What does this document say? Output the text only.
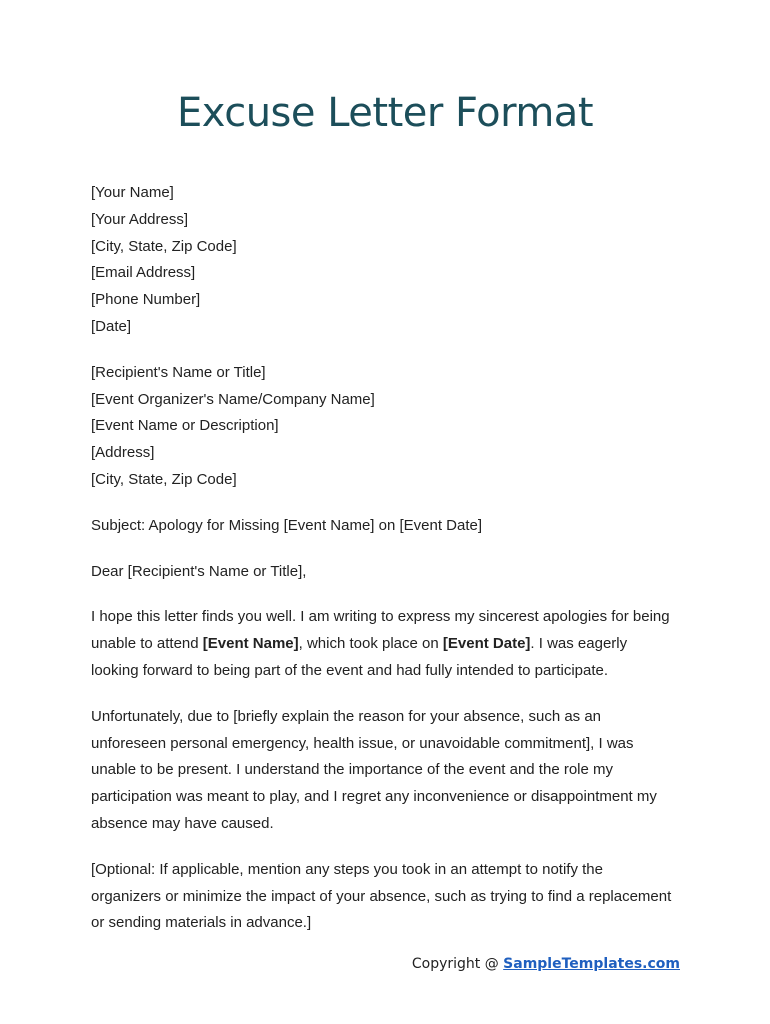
Excuse Letter Format
[Your Name]
[Your Address]
[City, State, Zip Code]
[Email Address]
[Phone Number]
[Date]
[Recipient's Name or Title]
[Event Organizer's Name/Company Name]
[Event Name or Description]
[Address]
[City, State, Zip Code]
Subject: Apology for Missing [Event Name] on [Event Date]
Dear [Recipient's Name or Title],
I hope this letter finds you well. I am writing to express my sincerest apologies for being
unable to attend [Event Name], which took place on [Event Date]. I was eagerly
looking forward to being part of the event and had fully intended to participate.
Unfortunately, due to [briefly explain the reason for your absence, such as an
unforeseen personal emergency, health issue, or unavoidable commitment], I was
unable to be present. I understand the importance of the event and the role my
participation was meant to play, and I regret any inconvenience or disappointment my
absence may have caused.
[Optional: If applicable, mention any steps you took in an attempt to notify the
organizers or minimize the impact of your absence, such as trying to find a replacement
or sending materials in advance.]
Copyright @ SampleTemplates.com
